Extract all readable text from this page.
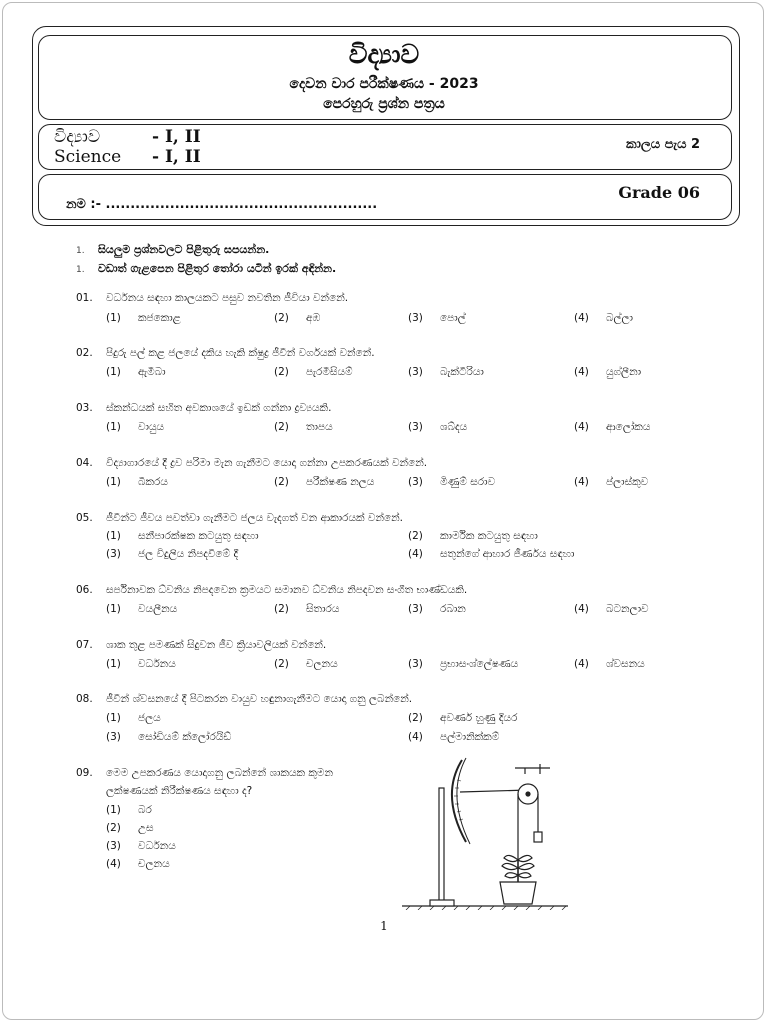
විද්‍යාව
දෙවන වාර පරීක්ෂණය - 2023
පෙරහුරු ප්‍රශ්න පත්‍රය
විද්‍යාව	- I, II
Science - I, II
කාලය පැය 2
Grade 06
නම :- .......................................................
1. සියලුම ප්‍රශ්නවලට පිළිතුරු සපයන්න.
1. වඩාත් ගැළපෙන පිළිතුර තෝරා යටින් ඉරක් අඳින්න.
01. වර්ධනය සඳහා කාලයකට පසුව නවතින ජීවියා වන්නේ.
(1) කජකොළ	(2) අඹ	(3) පොල්	(4) බල්ලා
02. පිදුරු පල් කළ ජලයේ දකිය හැකි ක්ෂුද්‍ර ජීවීන් වර්ගයක් වන්නේ.
(1) ඇමීබා	(2) පැරමීසියම්	(3) බැක්ටීරියා	(4) යුග්ලීනා
03. ස්කන්ධයක් සහිත අවකාශයේ ඉඩක් ගන්නා ද්‍රව්‍යයකි.
(1) වායුය	(2) තාපය	(3) ශබ්දය	(4) ආලෝකය
04. විද්‍යාගාරයේ දී ද්‍රව පරිමා මැන ගැනීමට යොදා ගන්නා උපකරණයක් වන්නේ.
(1) බීකරය	(2) පරීක්ෂණ නලය	(3) මිණුම් සරාව	(4) ප්ලාස්කුව
05. ජීවීන්ට ජීවය පවත්වා ගැනීමට ජලය වැදගත් වන ආකාරයක් වන්නේ.
(1) සනීපාරක්ෂක කටයුතු සඳහා	(2) කාර්මික කටයුතු සඳහා
(3) ජල විදුලිය නිපදවීමේ දී	(4) සතුන්ගේ ආහාර ජීර්ණය සඳහා
06. සර්පිනාවක ධ්වනිය නිපදවෙන ක්‍රමයට සමානව ධ්වනිය නිපදවන සංගීත භාණ්ඩයකි.
(1) වයලීනය	(2) සිතාරය	(3) රබාන	(4) බටනලාව
07. ශාක තුළ පමණක් සිදුවන ජීව ක්‍රියාවලියක් වන්නේ.
(1) වර්ධනය	(2) චලනය	(3) ප්‍රභාසංශ්ලේෂණය	(4) ශ්වසනය
08. ජීවීන් ශ්වසනයේ දී පිටකරන වායුව හඳුනාගැනීමට යොදා ගනු ලබන්නේ.
(1) ජලය	(2) අවර්ණ හුණු දියර
(3) සෝඩියම් ක්ලෝරයිඩ්	(4) පල්මානික්කම්
09. මෙම උපකරණය යොදාගනු ලබන්නේ ශාකයක කුමන
ලක්ෂණයක් නිරීක්ෂණය සඳහා ද?
(1) බර
(2) උස
(3) වර්ධනය
(4) චලනය
1
